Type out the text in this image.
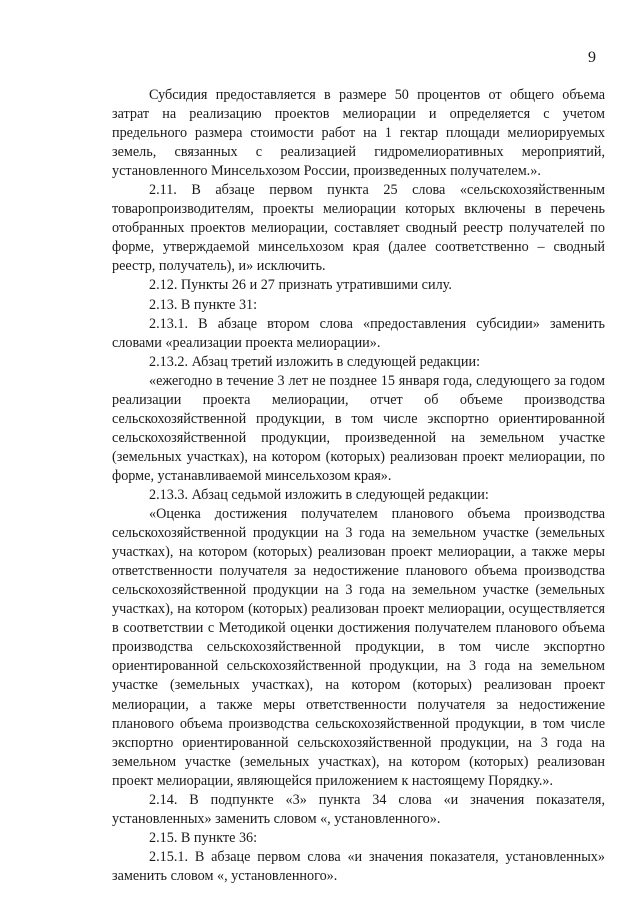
9

Субсидия предоставляется в размере 50 процентов от общего объема затрат на реализацию проектов мелиорации и определяется с учетом предельного размера стоимости работ на 1 гектар площади мелиорируемых земель, связанных с реализацией гидромелиоративных мероприятий, установленного Минсельхозом России, произведенных получателем.».

2.11. В абзаце первом пункта 25 слова «сельскохозяйственным товаропроизводителям, проекты мелиорации которых включены в перечень отобранных проектов мелиорации, составляет сводный реестр получателей по форме, утверждаемой минсельхозом края (далее соответственно – сводный реестр, получатель), и» исключить.

2.12. Пункты 26 и 27 признать утратившими силу.

2.13. В пункте 31:

2.13.1. В абзаце втором слова «предоставления субсидии» заменить словами «реализации проекта мелиорации».

2.13.2. Абзац третий изложить в следующей редакции:

«ежегодно в течение 3 лет не позднее 15 января года, следующего за годом реализации проекта мелиорации, отчет об объеме производства сельскохозяйственной продукции, в том числе экспортно ориентированной сельскохозяйственной продукции, произведенной на земельном участке (земельных участках), на котором (которых) реализован проект мелиорации, по форме, устанавливаемой минсельхозом края».

2.13.3. Абзац седьмой изложить в следующей редакции:

«Оценка достижения получателем планового объема производства сельскохозяйственной продукции на 3 года на земельном участке (земельных участках), на котором (которых) реализован проект мелиорации, а также меры ответственности получателя за недостижение планового объема производства сельскохозяйственной продукции на 3 года на земельном участке (земельных участках), на котором (которых) реализован проект мелиорации, осуществляется в соответствии с Методикой оценки достижения получателем планового объема производства сельскохозяйственной продукции, в том числе экспортно ориентированной сельскохозяйственной продукции, на 3 года на земельном участке (земельных участках), на котором (которых) реализован проект мелиорации, а также меры ответственности получателя за недостижение планового объема производства сельскохозяйственной продукции, в том числе экспортно ориентированной сельскохозяйственной продукции, на 3 года на земельном участке (земельных участках), на котором (которых) реализован проект мелиорации, являющейся приложением к настоящему Порядку.».

2.14. В подпункте «3» пункта 34 слова «и значения показателя, установленных» заменить словом «, установленного».

2.15. В пункте 36:

2.15.1. В абзаце первом слова «и значения показателя, установленных» заменить словом «, установленного».
